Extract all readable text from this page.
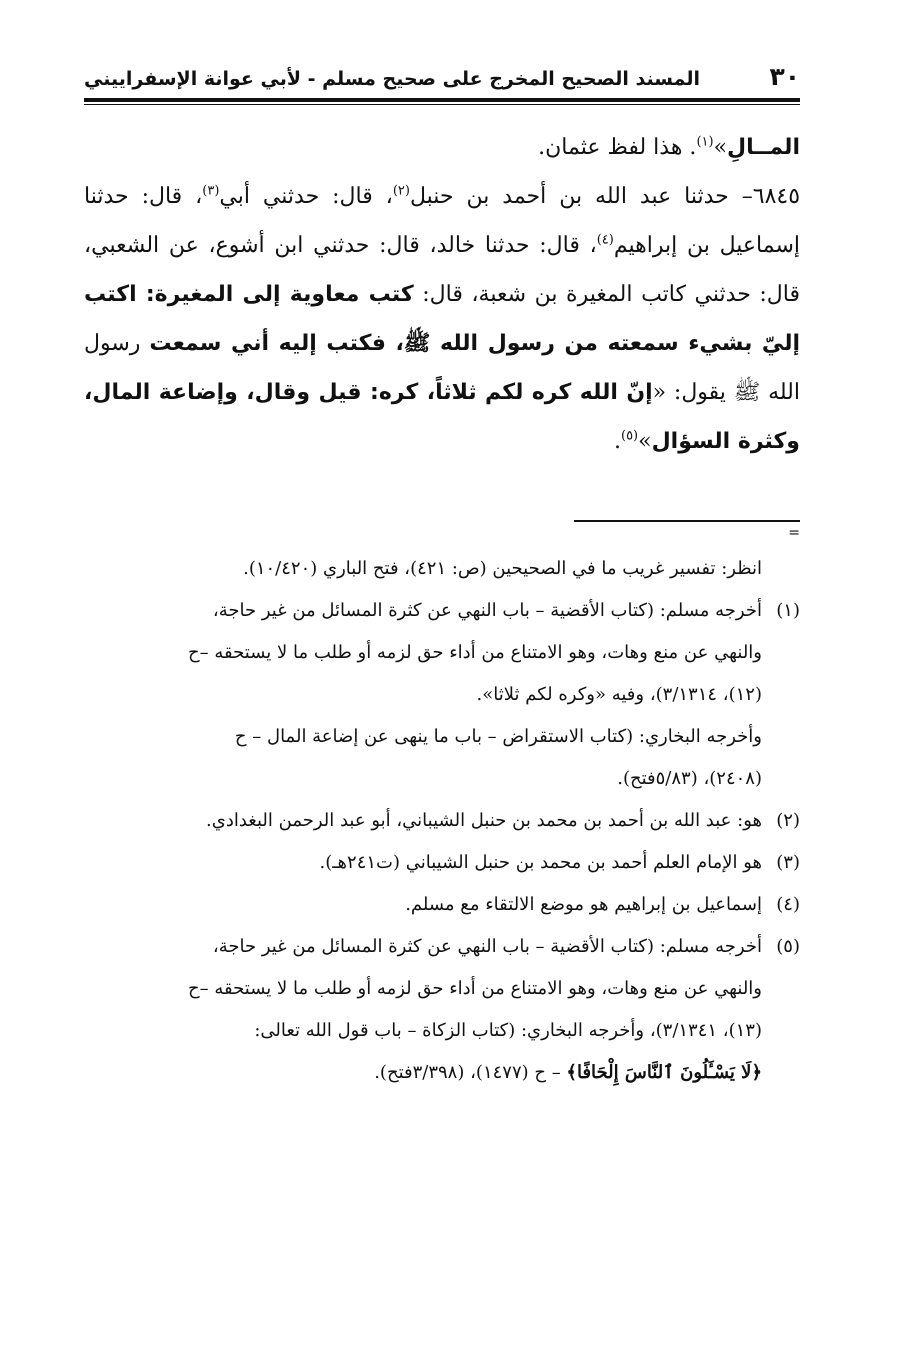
٣٠
المسند الصحيح المخرج على صحيح مسلم - لأبي عوانة الإسفراييني

المــالِ»$^{(١)}$. هذا لفظ عثمان.

٦٨٤٥– حدثنا عبد الله بن أحمد بن حنبل$^{(٢)}$، قال: حدثني أبي$^{(٣)}$، قال: حدثنا إسماعيل بن إبراهيم$^{(٤)}$، قال: حدثنا خالد، قال: حدثني ابن أشوع، عن الشعبي، قال: حدثني كاتب المغيرة بن شعبة، قال: كتب معاوية إلى المغيرة: اكتب إليّ بشيء سمعته من رسول الله ﷺ، فكتب إليه أني سمعت رسول الله ﷺ يقول: «إنّ الله كره لكم ثلاثاً، كره: قيل وقال، وإضاعة المال، وكثرة السؤال»$^{(٥)}$.

=

انظر: تفسير غريب ما في الصحيحين (ص: ٤٢١)، فتح الباري (١٠/٤٢٠).

(١)
أخرجه مسلم: (كتاب الأقضية – باب النهي عن كثرة المسائل من غير حاجة،

والنهي عن منع وهات، وهو الامتناع من أداء حق لزمه أو طلب ما لا يستحقه –ح

(١٢)، ٣/١٣١٤)، وفيه «وكره لكم ثلاثا».

وأخرجه البخاري: (كتاب الاستقراض – باب ما ينهى عن إضاعة المال – ح

(٢٤٠٨)، (٥/٨٣فتح).

(٢)
هو: عبد الله بن أحمد بن محمد بن حنبل الشيباني، أبو عبد الرحمن البغدادي.
(٣)
هو الإمام العلم أحمد بن محمد بن حنبل الشيباني (ت٢٤١هـ).
(٤)
إسماعيل بن إبراهيم هو موضع الالتقاء مع مسلم.
(٥)
أخرجه مسلم: (كتاب الأقضية – باب النهي عن كثرة المسائل من غير حاجة،

والنهي عن منع وهات، وهو الامتناع من أداء حق لزمه أو طلب ما لا يستحقه –ح

(١٣)، ٣/١٣٤١)، وأخرجه البخاري: (كتاب الزكاة – باب قول الله تعالى:

﴿لَا يَسْـَٔلُونَ ٱلنَّاسَ إِلْحَافًا﴾ – ح (١٤٧٧)، (٣/٣٩٨فتح).
